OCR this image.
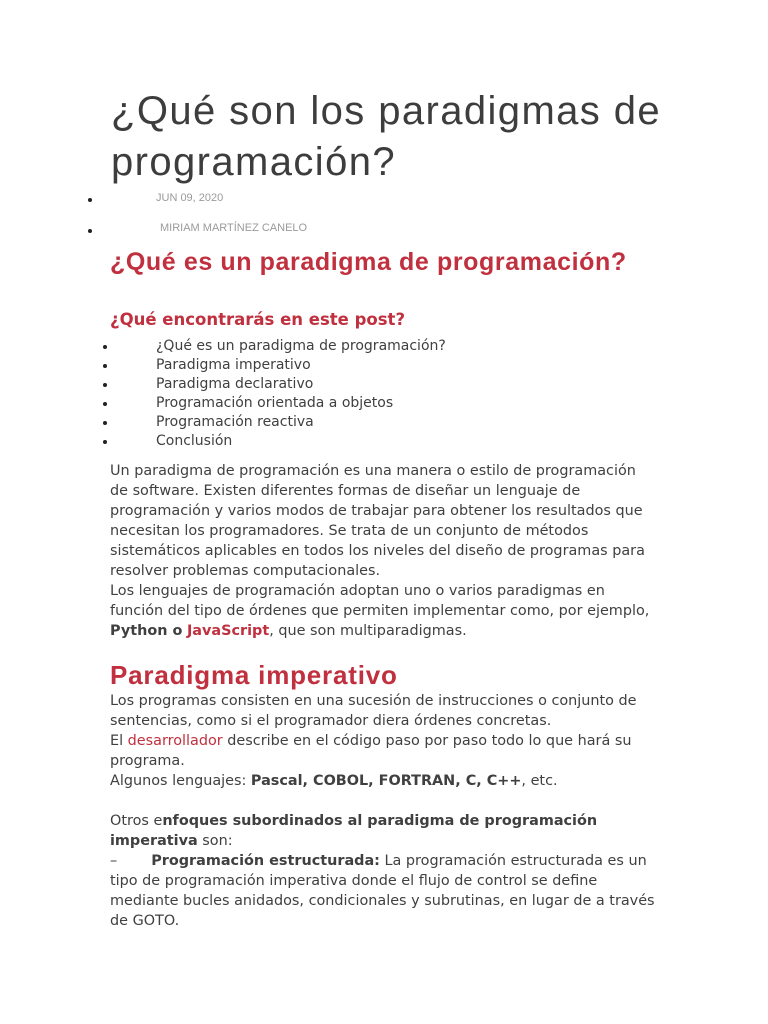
¿Qué son los paradigmas de programación?
JUN 09, 2020
MIRIAM MARTÍNEZ CANELO
¿Qué es un paradigma de programación?
¿Qué encontrarás en este post?
¿Qué es un paradigma de programación?
Paradigma imperativo
Paradigma declarativo
Programación orientada a objetos
Programación reactiva
Conclusión

Un paradigma de programación es una manera o estilo de programación de software. Existen diferentes formas de diseñar un lenguaje de programación y varios modos de trabajar para obtener los resultados que necesitan los programadores. Se trata de un conjunto de métodos sistemáticos aplicables en todos los niveles del diseño de programas para resolver problemas computacionales.
Los lenguajes de programación adoptan uno o varios paradigmas en función del tipo de órdenes que permiten implementar como, por ejemplo, Python o JavaScript, que son multiparadigmas.

Paradigma imperativo

Los programas consisten en una sucesión de instrucciones o conjunto de sentencias, como si el programador diera órdenes concretas.
El desarrollador describe en el código paso por paso todo lo que hará su programa.
Algunos lenguajes: Pascal, COBOL, FORTRAN, C, C++, etc.

Otros enfoques subordinados al paradigma de programación imperativa son:
– Programación estructurada: La programación estructurada es un tipo de programación imperativa donde el flujo de control se define mediante bucles anidados, condicionales y subrutinas, en lugar de a través de GOTO.
